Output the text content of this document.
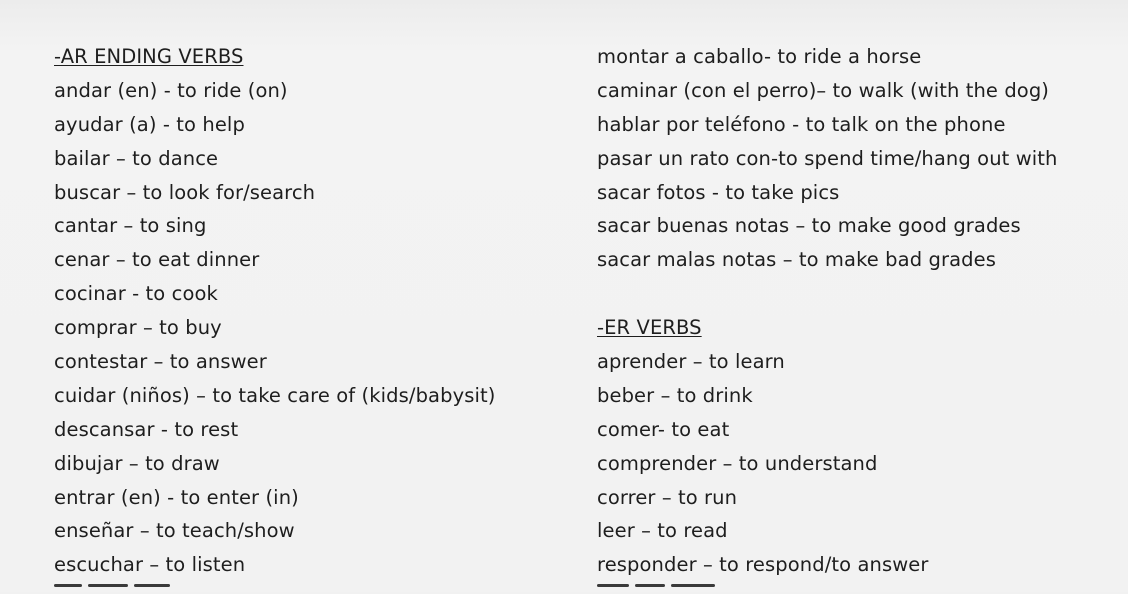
-AR ENDING VERBS
andar (en) - to ride (on)
ayudar (a) - to help
bailar – to dance
buscar – to look for/search
cantar – to sing
cenar – to eat dinner
cocinar - to cook
comprar – to buy
contestar – to answer
cuidar (niños) – to take care of (kids/babysit)
descansar - to rest
dibujar – to draw
entrar (en) - to enter (in)
enseñar – to teach/show
escuchar – to listen
montar a caballo- to ride a horse
caminar (con el perro)– to walk (with the dog)
hablar por teléfono - to talk on the phone
pasar un rato con-to spend time/hang out with
sacar fotos - to take pics
sacar buenas notas – to make good grades
sacar malas notas – to make bad grades
-ER VERBS
aprender – to learn
beber – to drink
comer- to eat
comprender – to understand
correr – to run
leer – to read
responder – to respond/to answer
